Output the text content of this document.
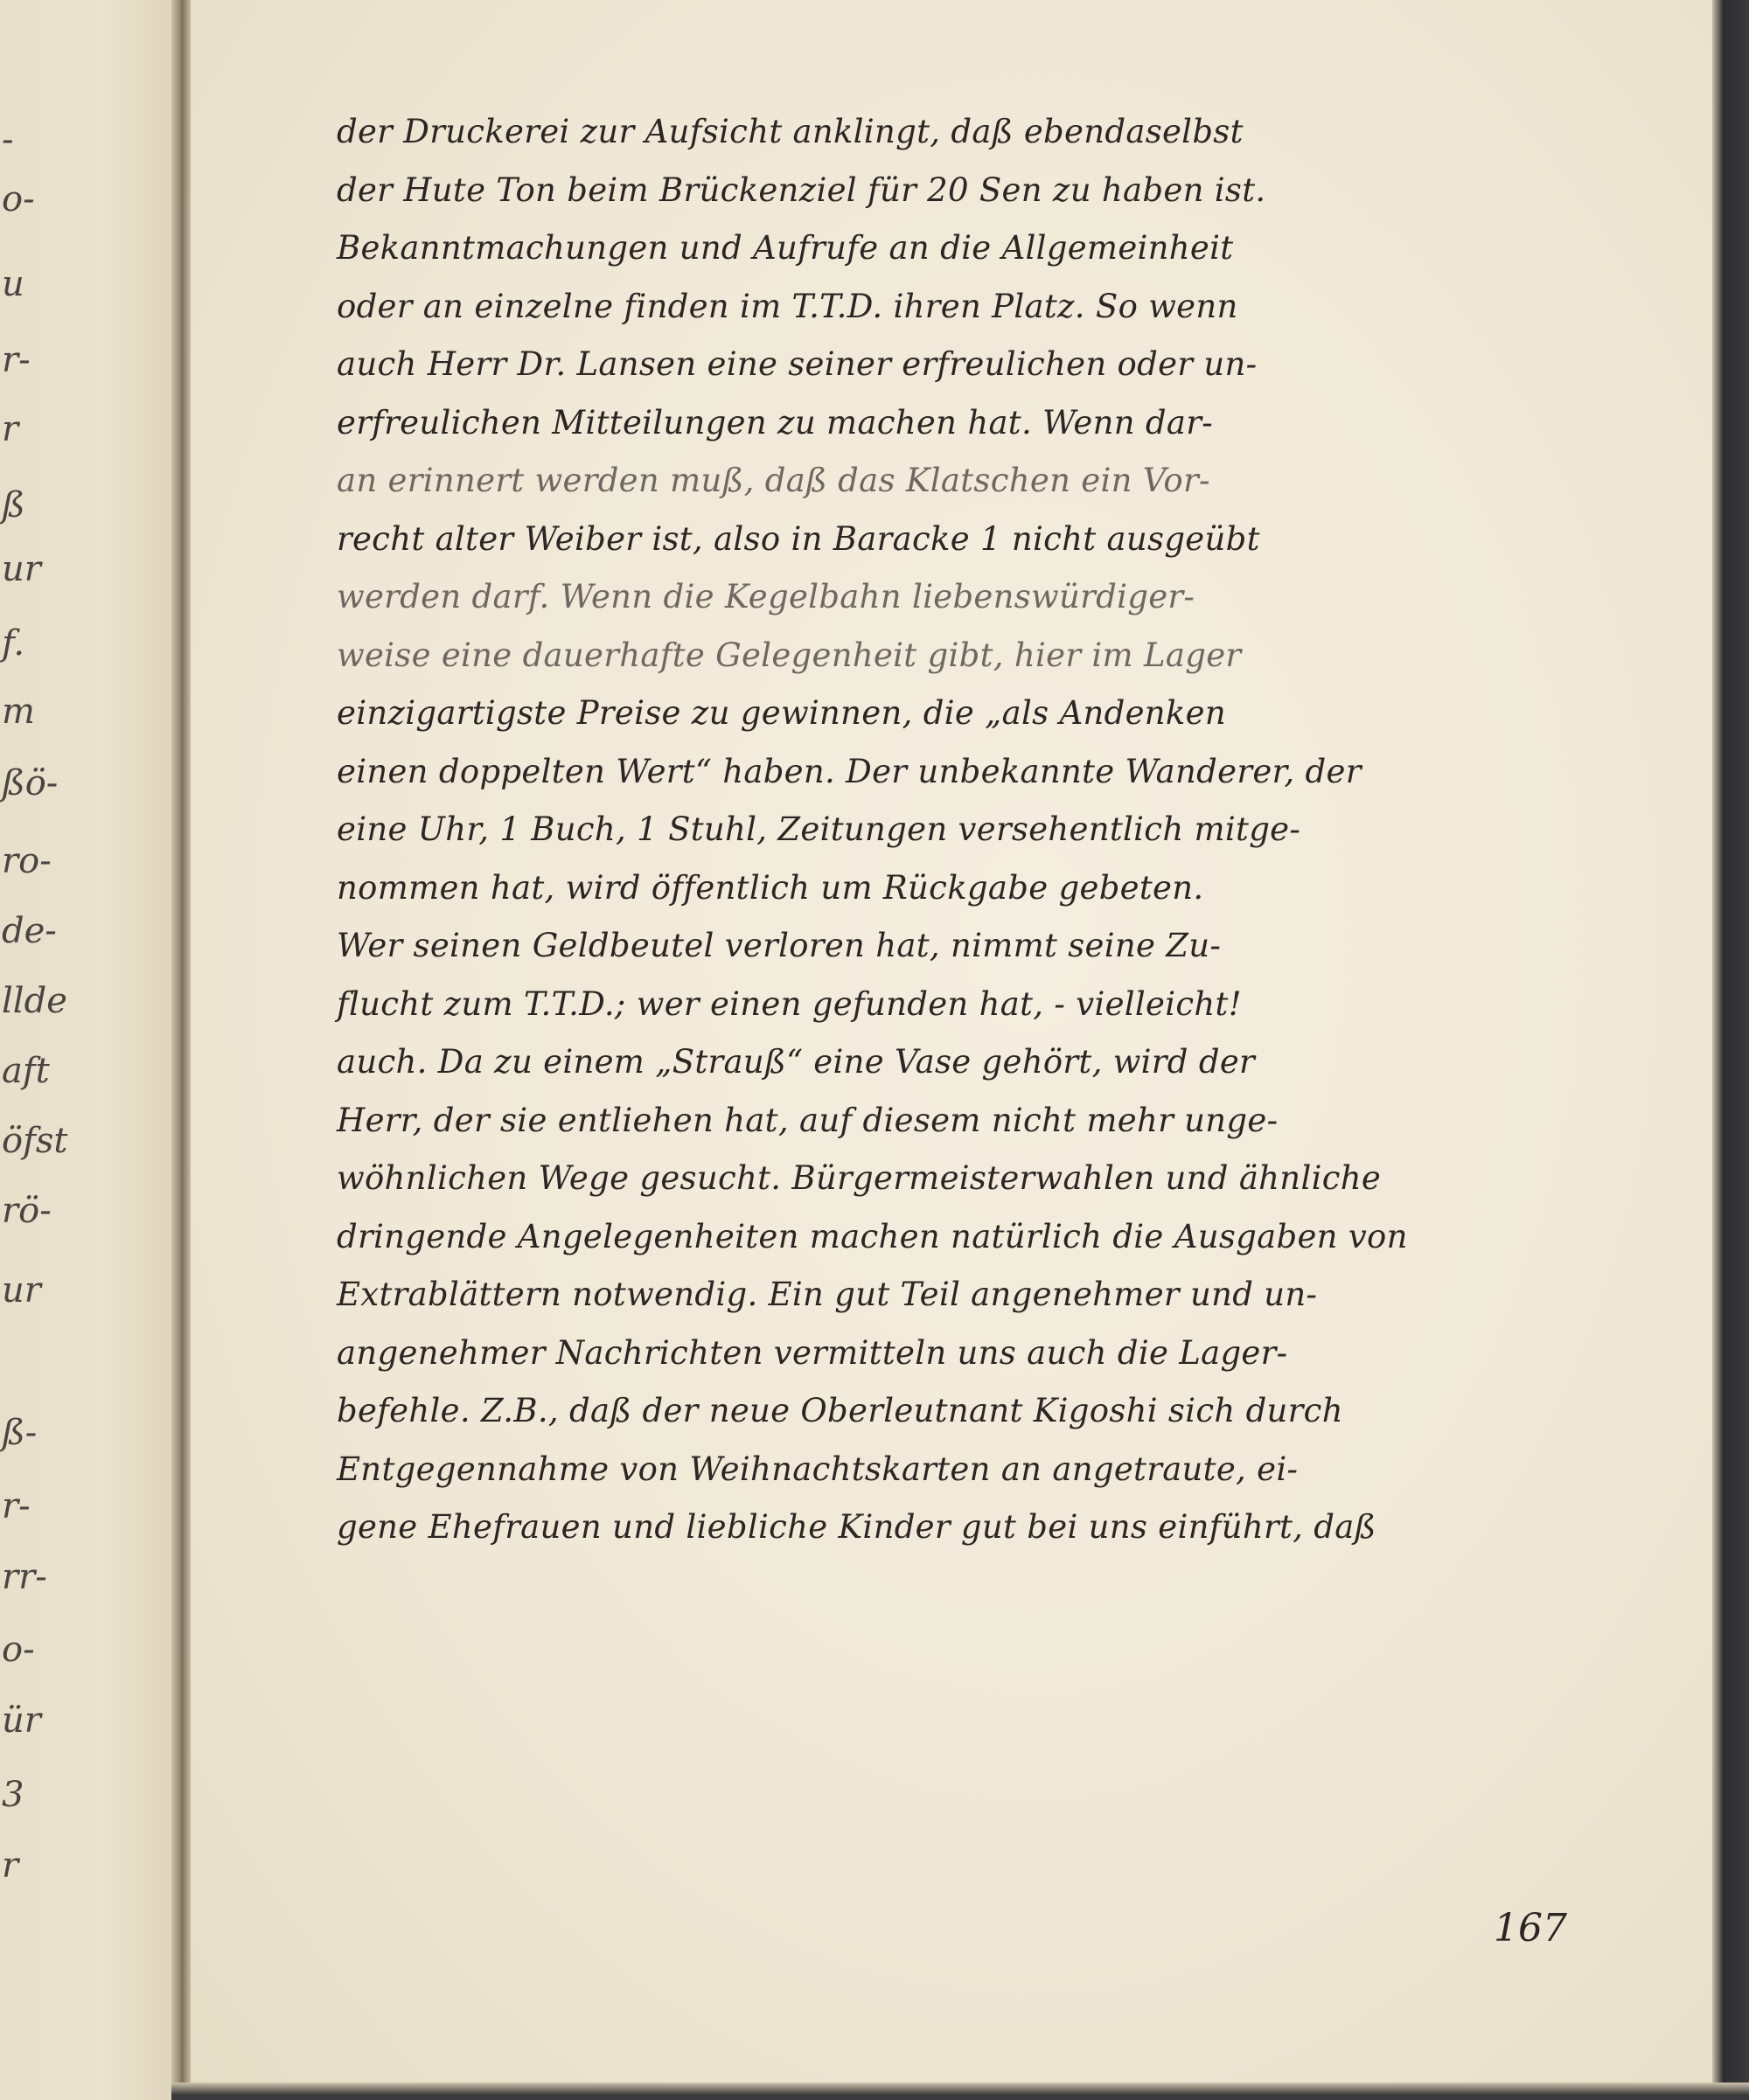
-
o-
u
r-
r
ß
ur
f.
m
ßö-
ro-
de-
llde
aft
öfst
rö-
ur
ß-
r-
rr-
o-
ür
3
r
der Druckerei zur Aufsicht anklingt, daß ebendaselbst
der Hute Ton beim Brückenziel für 20 Sen zu haben ist.
Bekanntmachungen und Aufrufe an die Allgemeinheit
oder an einzelne finden im T.T.D. ihren Platz. So wenn
auch Herr Dr. Lansen eine seiner erfreulichen oder un-
erfreulichen Mitteilungen zu machen hat. Wenn dar-
an erinnert werden muß, daß das Klatschen ein Vor-
recht alter Weiber ist, also in Baracke 1 nicht ausgeübt
werden darf. Wenn die Kegelbahn liebenswürdiger-
weise eine dauerhafte Gelegenheit gibt, hier im Lager
einzigartigste Preise zu gewinnen, die „als Andenken
einen doppelten Wert“ haben. Der unbekannte Wanderer, der
eine Uhr, 1 Buch, 1 Stuhl, Zeitungen versehentlich mitge-
nommen hat, wird öffentlich um Rückgabe gebeten.
Wer seinen Geldbeutel verloren hat, nimmt seine Zu-
flucht zum T.T.D.; wer einen gefunden hat, - vielleicht!
auch. Da zu einem „Strauß“ eine Vase gehört, wird der
Herr, der sie entliehen hat, auf diesem nicht mehr unge-
wöhnlichen Wege gesucht. Bürgermeisterwahlen und ähnliche
dringende Angelegenheiten machen natürlich die Ausgaben von
Extrablättern notwendig. Ein gut Teil angenehmer und un-
angenehmer Nachrichten vermitteln uns auch die Lager-
befehle. Z.B., daß der neue Oberleutnant Kigoshi sich durch
Entgegennahme von Weihnachtskarten an angetraute, ei-
gene Ehefrauen und liebliche Kinder gut bei uns einführt, daß
167
